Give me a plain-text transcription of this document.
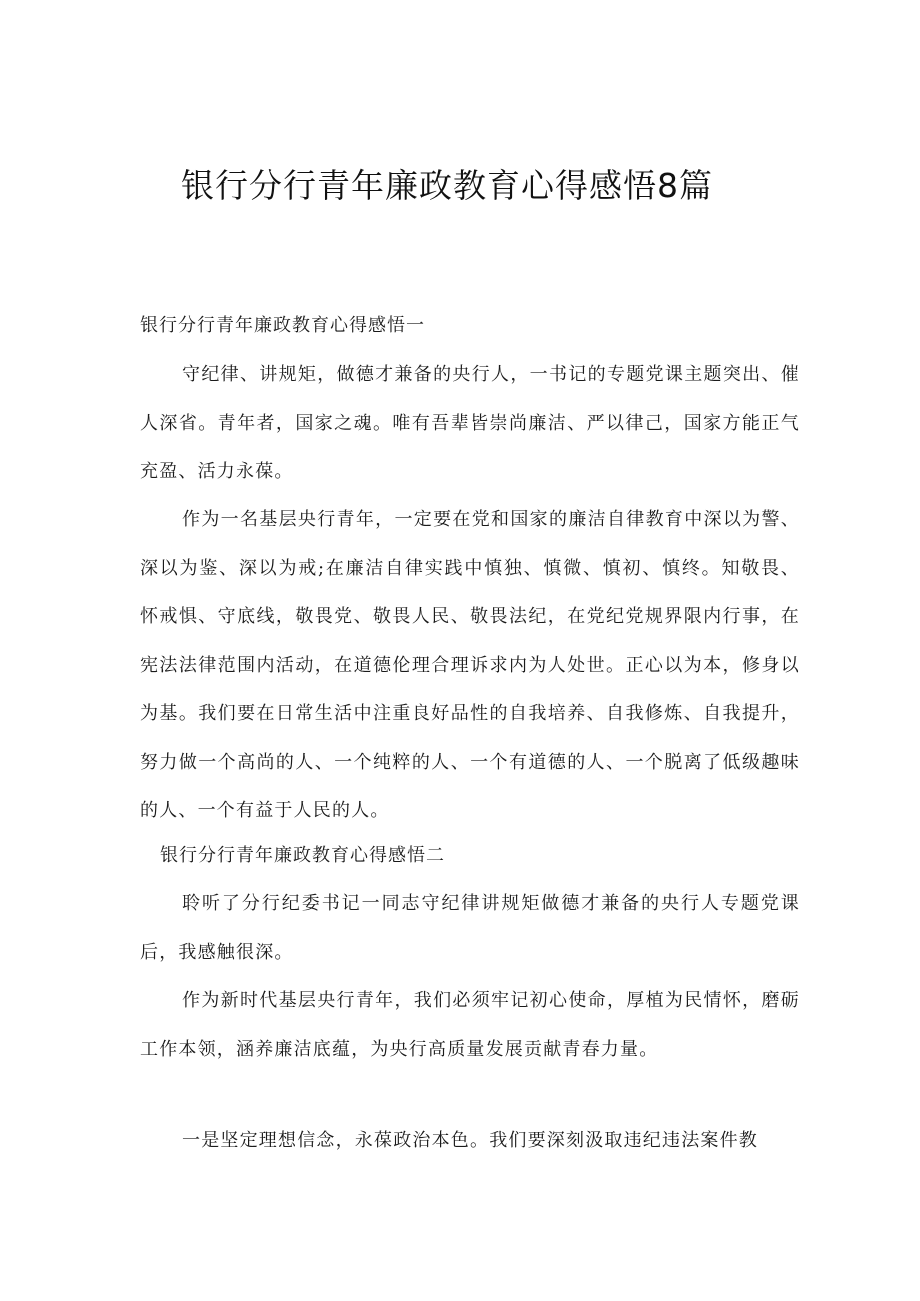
银行分行青年廉政教育心得感悟8篇
银行分行青年廉政教育心得感悟一
守纪律、讲规矩，做德才兼备的央行人，一书记的专题党课主题突出、催人深省。青年者，国家之魂。唯有吾辈皆崇尚廉洁、严以律己，国家方能正气充盈、活力永葆。
作为一名基层央行青年，一定要在党和国家的廉洁自律教育中深以为警、深以为鉴、深以为戒;在廉洁自律实践中慎独、慎微、慎初、慎终。知敬畏、怀戒惧、守底线，敬畏党、敬畏人民、敬畏法纪，在党纪党规界限内行事，在宪法法律范围内活动，在道德伦理合理诉求内为人处世。正心以为本，修身以为基。我们要在日常生活中注重良好品性的自我培养、自我修炼、自我提升，努力做一个高尚的人、一个纯粹的人、一个有道德的人、一个脱离了低级趣味的人、一个有益于人民的人。
银行分行青年廉政教育心得感悟二
聆听了分行纪委书记一同志守纪律讲规矩做德才兼备的央行人专题党课后，我感触很深。
作为新时代基层央行青年，我们必须牢记初心使命，厚植为民情怀，磨砺工作本领，涵养廉洁底蕴，为央行高质量发展贡献青春力量。
一是坚定理想信念，永葆政治本色。我们要深刻汲取违纪违法案件教
